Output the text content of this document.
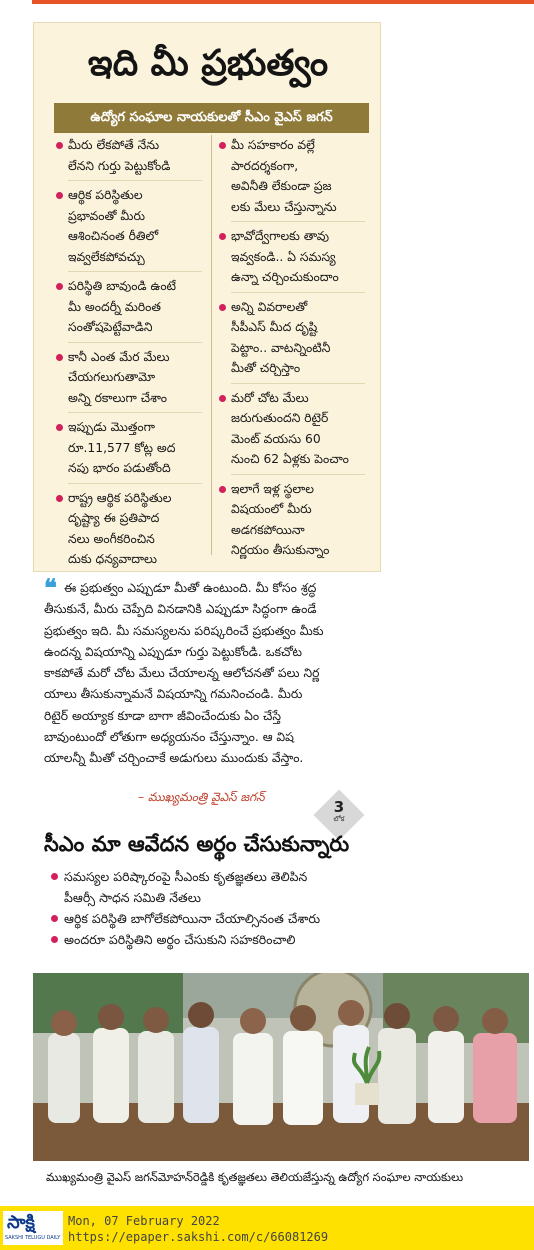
ఇది మీ ప్రభుత్వం
ఉద్యోగ సంఘాల నాయకులతో సీఎం వైఎస్‌ జగన్‌
మీరు లేకపోతే నేను
లేనని గుర్తు పెట్టుకోండి
ఆర్థిక పరిస్థితుల
ప్రభావంతో మీరు
ఆశించినంత రీతిలో
ఇవ్వలేకపోవచ్చు
పరిస్థితి బావుండి ఉంటే
మీ అందర్నీ మరింత
సంతోషపెట్టేవాడిని
కానీ ఎంత మేర మేలు
చేయగలుగుతామో
అన్ని రకాలుగా చేశాం
ఇప్పుడు మొత్తంగా
రూ.11,577 కోట్ల అద
నపు భారం పడుతోంది
రాష్ట్ర ఆర్థిక పరిస్థితుల
దృష్ట్యా ఈ ప్రతిపాద
నలు అంగీకరించిన
దుకు ధన్యవాదాలు
మీ సహకారం వల్లే
పారదర్శకంగా,
అవినీతి లేకుండా ప్రజ
లకు మేలు చేస్తున్నాను
భావోద్వేగాలకు తావు
ఇవ్వకండి.. ఏ సమస్య
ఉన్నా చర్చించుకుందాం
అన్ని వివరాలతో
సీపీఎస్‌ మీద దృష్టి
పెట్టాం.. వాటన్నింటినీ
మీతో చర్చిస్తాం
మరో చోట మేలు
జరుగుతుందని రిటైర్‌
మెంట్‌ వయసు 60
నుంచి 62 ఏళ్లకు పెంచాం
ఇలాగే ఇళ్ల స్థలాల
విషయంలో మీరు
అడగకపోయినా
నిర్ణయం తీసుకున్నాం
❝ ఈ ప్రభుత్వం ఎప్పుడూ మీతో ఉంటుంది. మీ కోసం శ్రద్ధ
తీసుకునే, మీరు చెప్పేది వినడానికి ఎప్పుడూ సిద్ధంగా ఉండే
ప్రభుత్వం ఇది. మీ సమస్యలను పరిష్కరించే ప్రభుత్వం మీకు
ఉందన్న విషయాన్ని ఎప్పుడూ గుర్తు పెట్టుకోండి. ఒకచోట
కాకపోతే మరో చోట మేలు చేయాలన్న ఆలోచనతో పలు నిర్ణ
యాలు తీసుకున్నామనే విషయాన్ని గమనించండి. మీరు
రిటైర్‌ అయ్యాక కూడా బాగా జీవించేందుకు ఏం చేస్తే
బావుంటుందో లోతుగా అధ్యయనం చేస్తున్నాం. ఆ విష
యాలన్నీ మీతో చర్చించాకే అడుగులు ముందుకు వేస్తాం.
– ముఖ్యమంత్రి వైఎస్‌ జగన్‌
3
లోక
సీఎం మా ఆవేదన అర్థం చేసుకున్నారు
సమస్యల పరిష్కారంపై సీఎంకు కృతజ్ఞతలు తెలిపిన
పీఆర్సీ సాధన సమితి నేతలు
ఆర్థిక పరిస్థితి బాగోలేకపోయినా చేయాల్సినంత చేశారు
అందరూ పరిస్థితిని అర్థం చేసుకుని సహకరించాలి
ముఖ్యమంత్రి వైఎస్‌ జగన్‌మోహన్‌రెడ్డికి కృతజ్ఞతలు తెలియజేస్తున్న ఉద్యోగ సంఘాల నాయకులు
సాక్షి
SAKSHI TELUGU DAILY
Mon, 07 February 2022
https://epaper.sakshi.com/c/66081269
